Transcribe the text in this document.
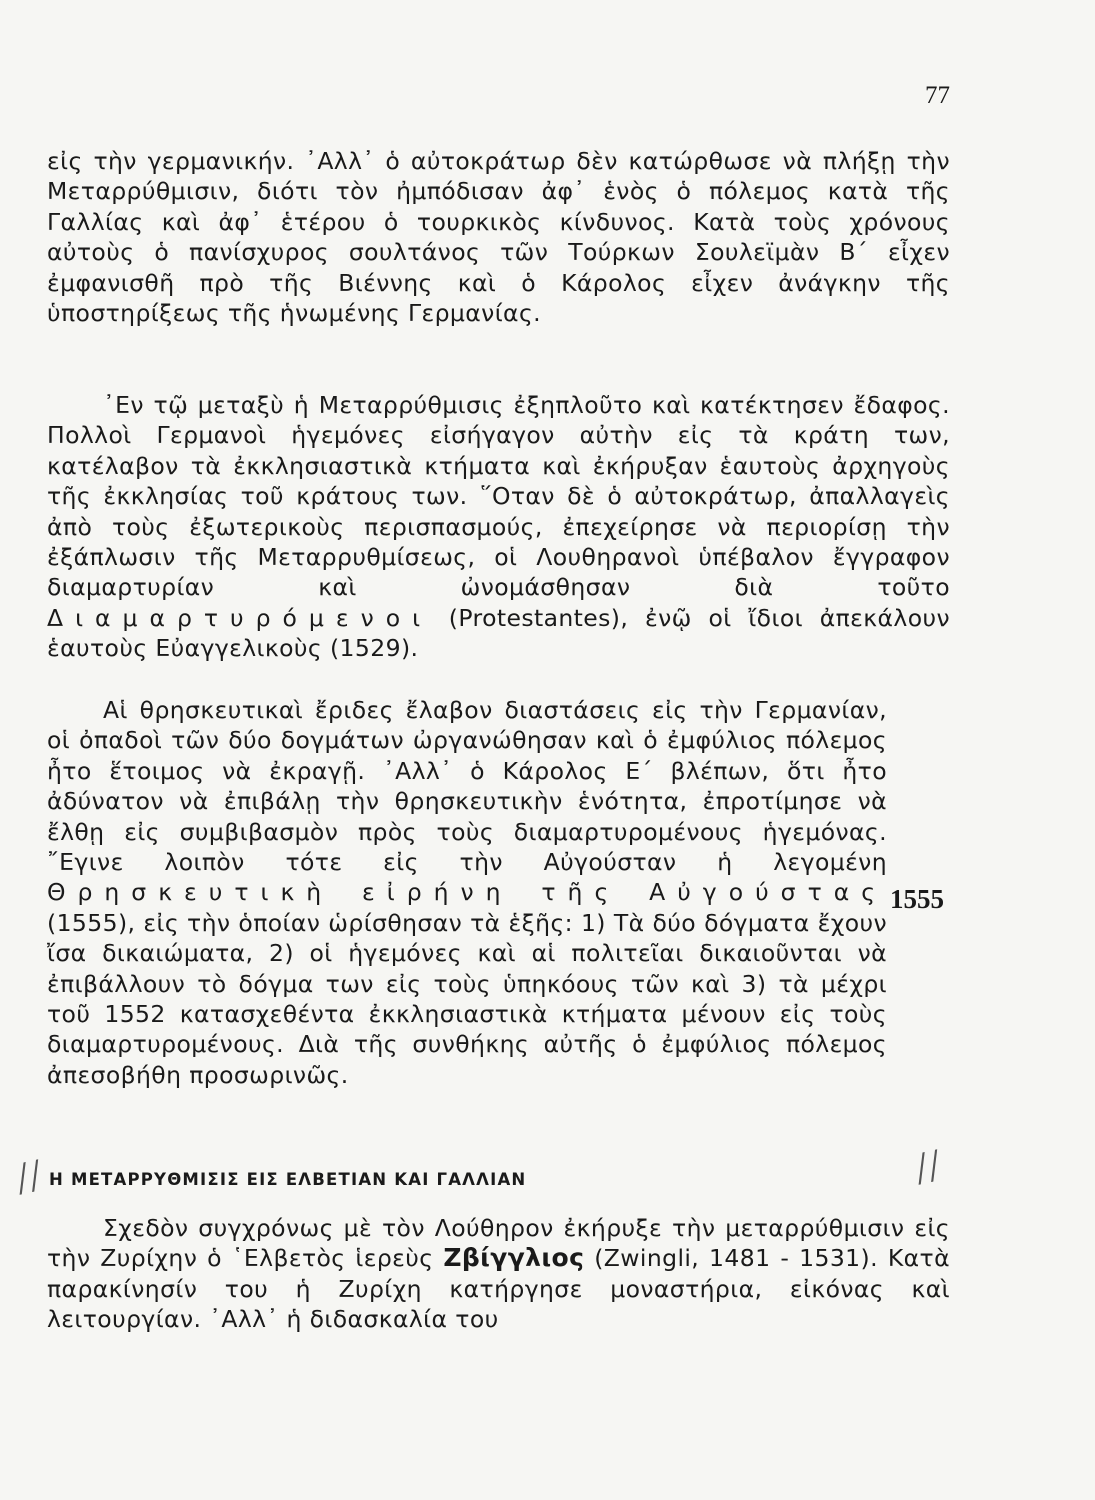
77

εἰς τὴν γερμανικήν. ᾿Αλλ᾿ ὁ αὐτοκράτωρ δὲν κατώρθωσε νὰ πλήξῃ τὴν Μεταρρύθμισιν, διότι τὸν ἠμπόδισαν ἀφ᾿ ἑνὸς ὁ πόλεμος κατὰ τῆς Γαλλίας καὶ ἀφ᾿ ἑτέρου ὁ τουρκικὸς κίνδυνος. Κατὰ τοὺς χρόνους αὐτοὺς ὁ πανίσχυρος σουλτάνος τῶν Τούρκων Σουλεϊμὰν Β΄ εἶχεν ἐμφανισθῆ πρὸ τῆς Βιέννης καὶ ὁ Κάρολος εἶχεν ἀνάγκην τῆς ὑποστηρίξεως τῆς ἡνωμένης Γερμανίας.

᾿Εν τῷ μεταξὺ ἡ Μεταρρύθμισις ἐξηπλοῦτο καὶ κατέκτησεν ἔδαφος. Πολλοὶ Γερμανοὶ ἡγεμόνες εἰσήγαγον αὐτὴν εἰς τὰ κράτη των, κατέλαβον τὰ ἐκκλησιαστικὰ κτήματα καὶ ἐκήρυξαν ἑαυτοὺς ἀρχηγοὺς τῆς ἐκκλησίας τοῦ κράτους των. ῞Οταν δὲ ὁ αὐτοκράτωρ, ἀπαλλαγεὶς ἀπὸ τοὺς ἐξωτερικοὺς περισπασμούς, ἐπεχείρησε νὰ περιορίσῃ τὴν ἐξάπλωσιν τῆς Μεταρρυθμίσεως, οἱ Λουθηρανοὶ ὑπέβαλον ἔγγραφον διαμαρτυρίαν καὶ ὠνομάσθησαν διὰ τοῦτο Διαμαρτυρόμενοι (Protestantes), ἐνῷ οἱ ἴδιοι ἀπεκάλουν ἑαυτοὺς Εὐαγγελικοὺς (1529).

Αἱ θρησκευτικαὶ ἔριδες ἔλαβον διαστάσεις εἰς τὴν Γερμανίαν, οἱ ὀπαδοὶ τῶν δύο δογμάτων ὠργανώθησαν καὶ ὁ ἐμφύλιος πόλεμος ἦτο ἕτοιμος νὰ ἐκραγῇ. ᾿Αλλ᾿ ὁ Κάρολος Ε΄ βλέπων, ὅτι ἦτο ἀδύνατον νὰ ἐπιβάλῃ τὴν θρησκευτικὴν ἑνότητα, ἐπροτίμησε νὰ ἔλθῃ εἰς συμβιβασμὸν πρὸς τοὺς διαμαρτυρομένους ἡγεμόνας. ῎Εγινε λοιπὸν τότε εἰς τὴν Αὐγούσταν ἡ λεγομένη Θρησκευτικὴ εἰρήνη τῆς Αὐγούστας (1555), εἰς τὴν ὁποίαν ὡρίσθησαν τὰ ἑξῆς: 1) Τὰ δύο δόγματα ἔχουν ἴσα δικαιώματα, 2) οἱ ἡγεμόνες καὶ αἱ πολιτεῖαι δικαιοῦνται νὰ ἐπιβάλλουν τὸ δόγμα των εἰς τοὺς ὑπηκόους τῶν καὶ 3) τὰ μέχρι τοῦ 1552 κατασχεθέντα ἐκκλησιαστικὰ κτήματα μένουν εἰς τοὺς διαμαρτυρομένους. Διὰ τῆς συνθήκης αὐτῆς ὁ ἐμφύλιος πόλεμος ἀπεσοβήθη προσωρινῶς.

1555
//	//
Η ΜΕΤΑΡΡΥΘΜΙΣΙΣ ΕΙΣ ΕΛΒΕΤΙΑΝ ΚΑΙ ΓΑΛΛΙΑΝ

Σχεδὸν συγχρόνως μὲ τὸν Λούθηρον ἐκήρυξε τὴν μεταρρύθμισιν εἰς τὴν Ζυρίχην ὁ ῾Ελβετὸς ἱερεὺς Ζβίγγλιος (Zwingli, 1481 - 1531). Κατὰ παρακίνησίν του ἡ Ζυρίχη κατήργησε μοναστήρια, εἰκόνας καὶ λειτουργίαν. ᾿Αλλ᾿ ἡ διδασκαλία του
